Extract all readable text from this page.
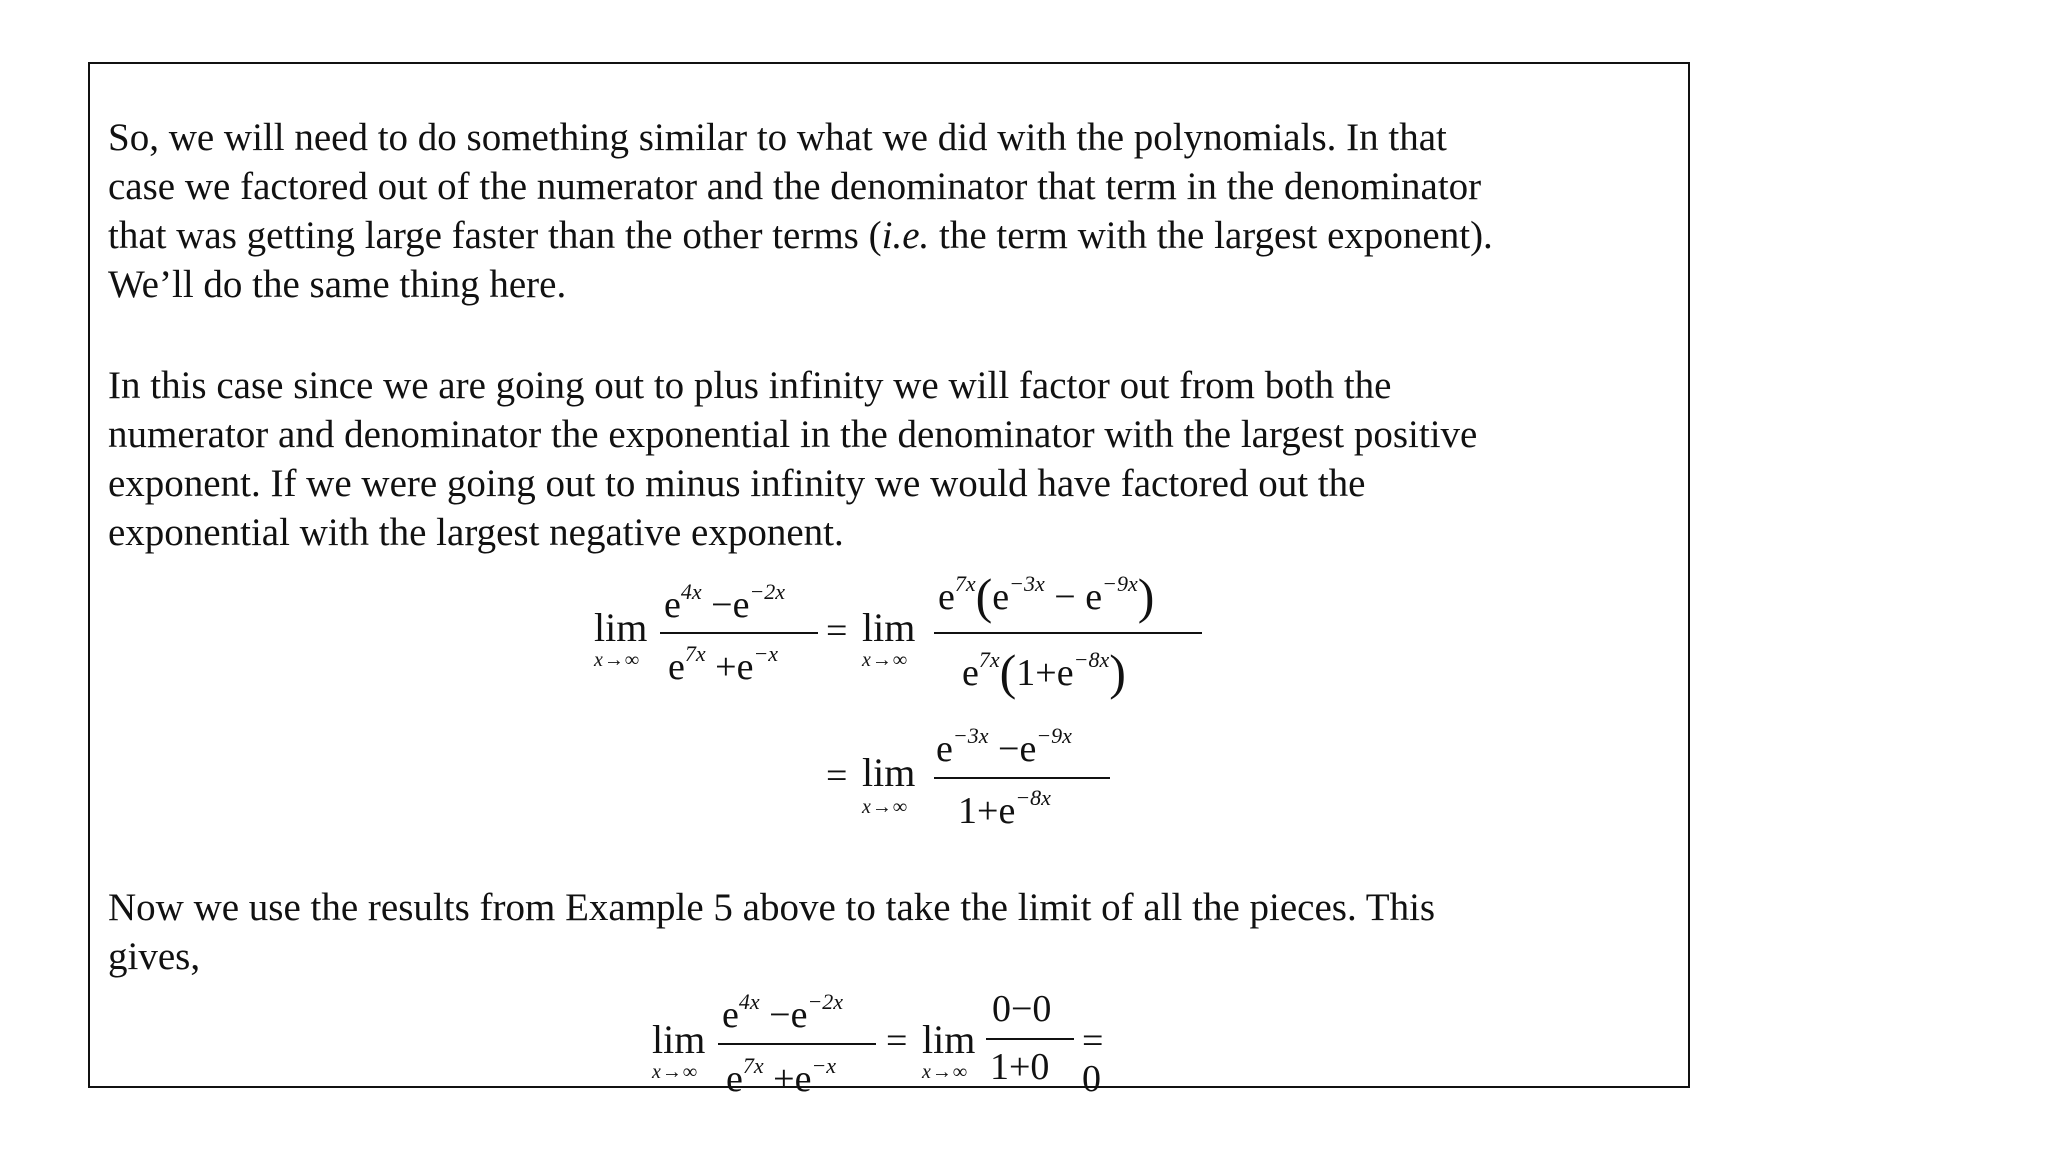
So, we will need to do something similar to what we did with the polynomials. In that
case we factored out of the numerator and the denominator that term in the denominator
that was getting large faster than the other terms (i.e. the term with the largest exponent).
We’ll do the same thing here.
In this case since we are going out to plus infinity we will factor out from both the
numerator and denominator the exponential in the denominator with the largest positive
exponent. If we were going out to minus infinity we would have factored out the
exponential with the largest negative exponent.
lim
x→∞
$e^{4x} -e^{-2x}$
$e^{7x} +e^{-x}$
= lim
x→∞
$e^{7x}(e^{-3x} - e^{-9x})$
$e^{7x}(1+e^{-8x})$
= lim
x→∞
$e^{-3x} -e^{-9x}$
$1+e^{-8x}$
Now we use the results from Example 5 above to take the limit of all the pieces. This
gives,
lim
x→∞
$e^{4x} -e^{-2x}$
$e^{7x} +e^{-x}$
= lim
x→∞
0−0
1+0
= 0
